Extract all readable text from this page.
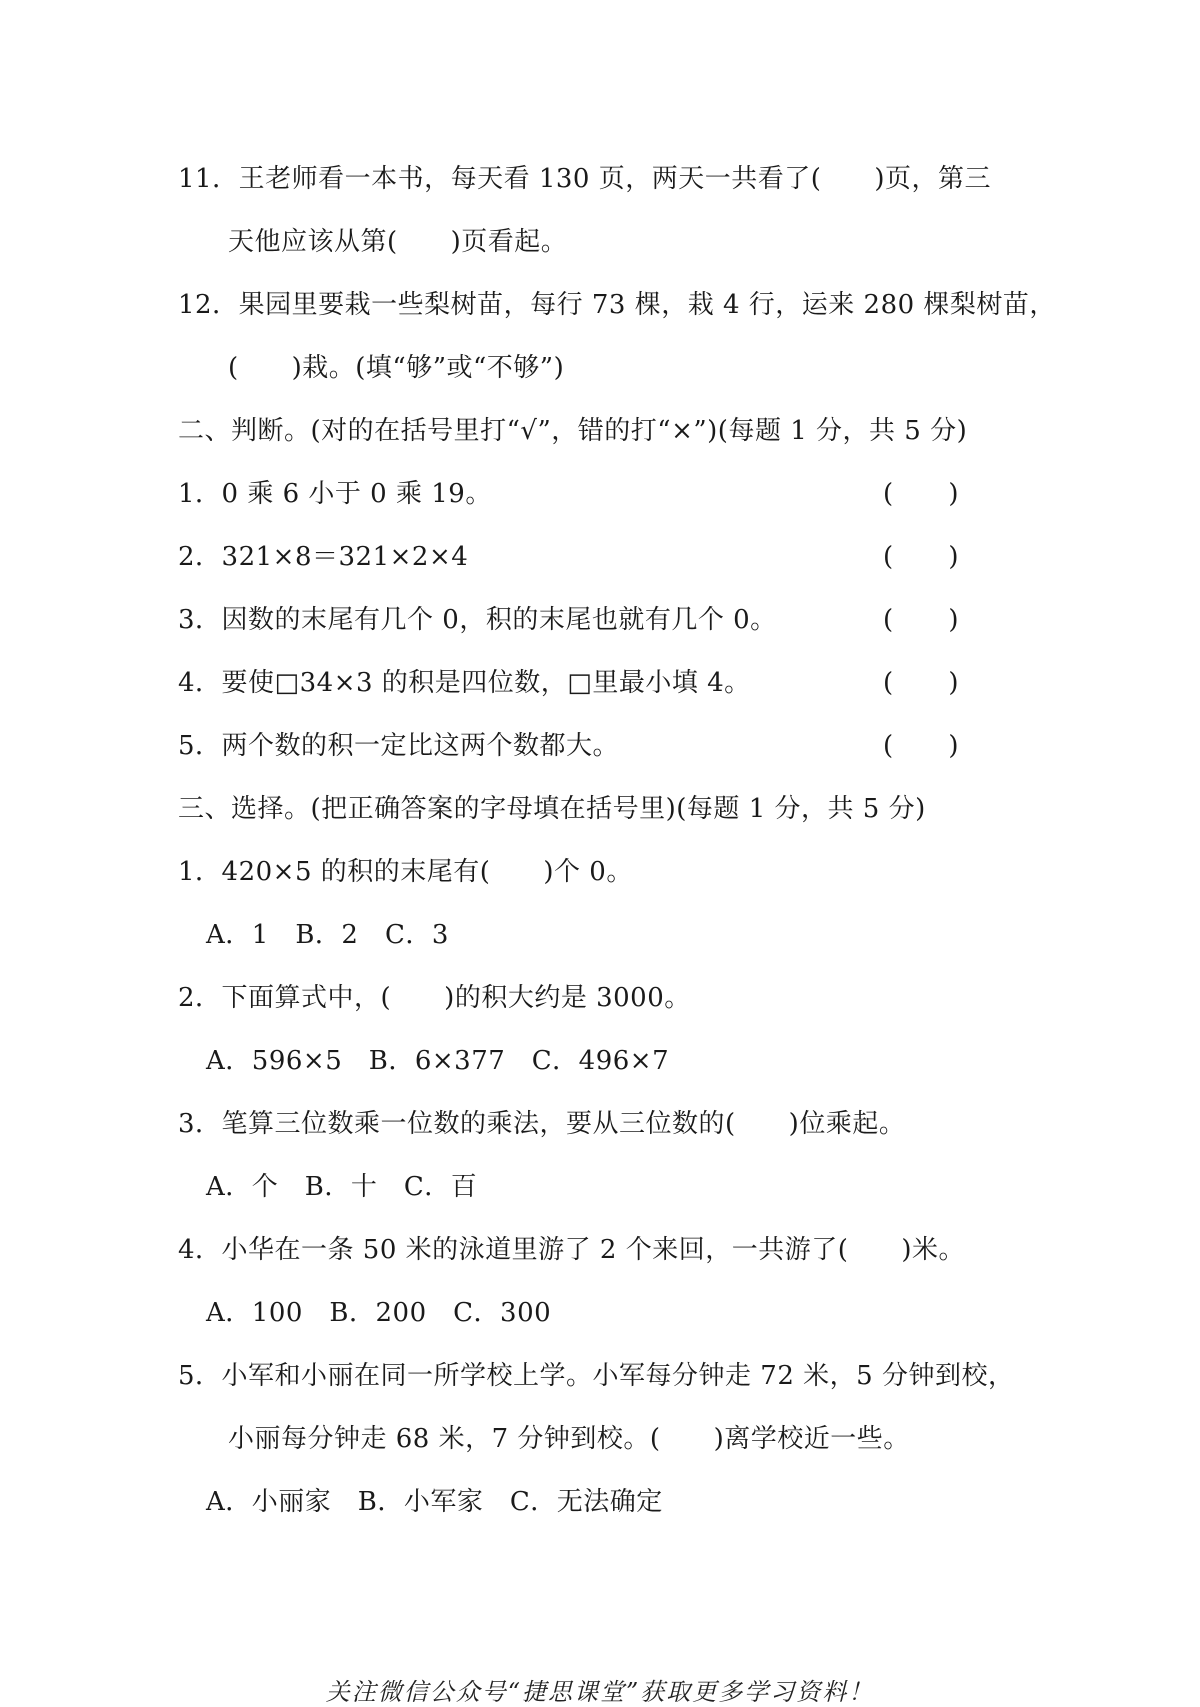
11．王老师看一本书，每天看 130 页，两天一共看了(　　)页，第三
天他应该从第(　　)页看起。
12．果园里要栽一些梨树苗，每行 73 棵，栽 4 行，运来 280 棵梨树苗，
(　　)栽。(填“够”或“不够”)
二、判断。(对的在括号里打“√”，错的打“×”)(每题 1 分，共 5 分)
1．0 乘 6 小于 0 乘 19。	( )
2．321×8＝321×2×4	( )
3．因数的末尾有几个 0，积的末尾也就有几个 0。	( )
4．要使□34×3 的积是四位数，□里最小填 4。	( )
5．两个数的积一定比这两个数都大。	( )
三、选择。(把正确答案的字母填在括号里)(每题 1 分，共 5 分)
1．420×5 的积的末尾有(　　)个 0。
A．1　B．2　C．3
2．下面算式中，(　　)的积大约是 3000。
A．596×5　B．6×377　C．496×7
3．笔算三位数乘一位数的乘法，要从三位数的(　　)位乘起。
A．个　B．十　C．百
4．小华在一条 50 米的泳道里游了 2 个来回，一共游了(　　)米。
A．100　B．200　C．300
5．小军和小丽在同一所学校上学。小军每分钟走 72 米，5 分钟到校，
小丽每分钟走 68 米，7 分钟到校。(　　)离学校近一些。
A．小丽家　B．小军家　C．无法确定
关注微信公众号“捷思课堂”获取更多学习资料！
